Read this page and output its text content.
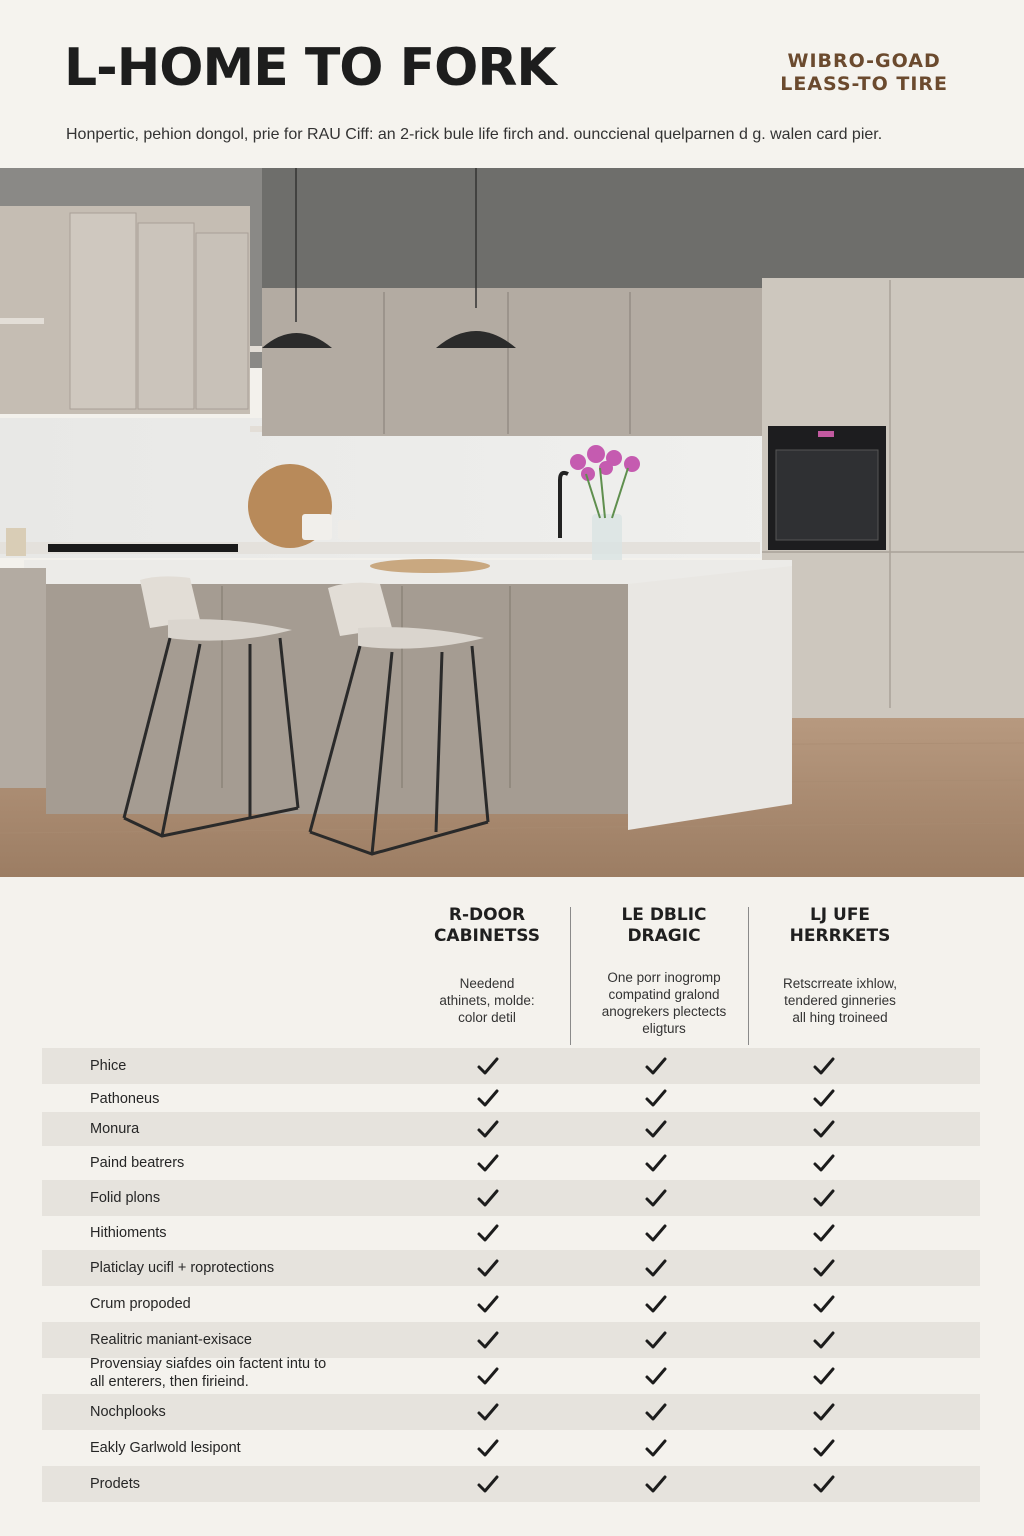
L-HOME TO FORK	WIBRO-GOAD
LEASS-TO TIRE
Honpertic, pehion dongol, prie for RAU Ciff: an 2-rick bule life firch and. ouncciena​l quelparnen d g. walen card pier.
R-DOOR
CABINETSS
Needend
athinets, molde:
color detil
LE DBLIC
DRAGIC
One porr inogromp
compatind gralond
anogrekers plectects
eligturs
LJ UFE
HERRKETS
Retscrreate ixhlow,
tendered ginneries
all hing troineed
Phice
Pathoneus
Monura
Paind beatrers
Folid plons
Hithioments
Platiclay ucifl + roprotections
Crum propoded
Realitric maniant-exisace
Provensiay siafdes oin factent intu to
all enterers, then firieind.
Nochplooks
Eakly Garlwold lesipont
Prodets
